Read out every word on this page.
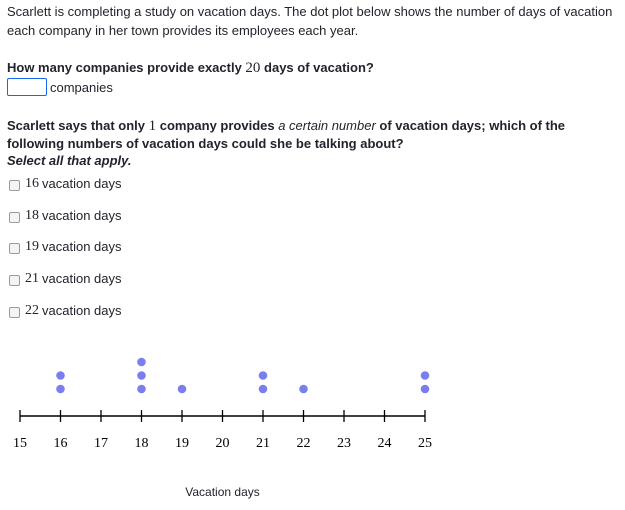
Scarlett is completing a study on vacation days. The dot plot below shows the number of days of vacation each company in her town provides its employees each year.
How many companies provide exactly 20 days of vacation?
companies
Scarlett says that only 1 company provides a certain number of vacation days; which of the following numbers of vacation days could she be talking about?
Select all that apply.
16 vacation days
18 vacation days
19 vacation days
21 vacation days
22 vacation days
15 16 17 18 19 20 21 22 23 24 25
Vacation days
